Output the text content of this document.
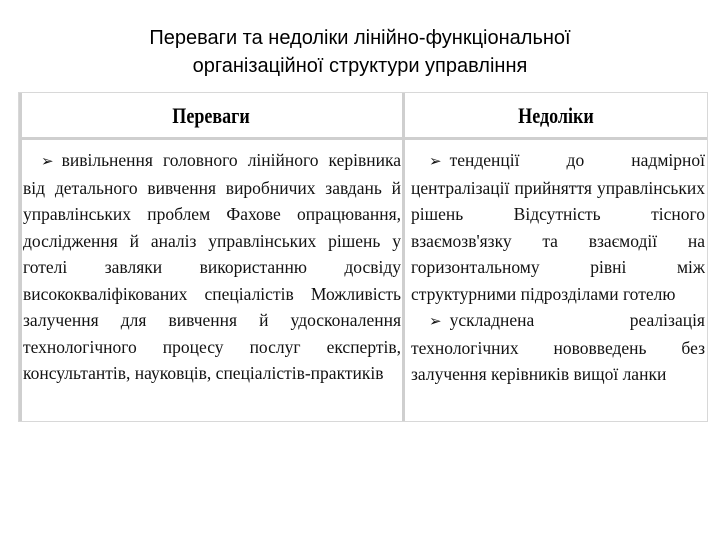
Переваги та недоліки лінійно-функціональної
організаційної структури управління
Переваги	Недоліки

➢ вивільнення головного лінійного керівника від детального вивчення виробничих завдань й управлінських проблем Фахове опрацювання, дослідження й аналіз управлінських рішень у готелі завляки використанню досвіду висококваліфікованих спеціалістів Можливість залучення для вивчення й удосконалення технологічного процесу послуг експертів, консультантів, науковців, спеціалістів-практиків

➢ тенденції до надмірної централізації прийняття управлінських рішень Відсутність тісного взаємозв'язку та взаємодії на горизонтальному рівні між структурними підрозділами готелю

➢ ускладнена реалізація технологічних нововведень без залучення керівників вищої ланки
